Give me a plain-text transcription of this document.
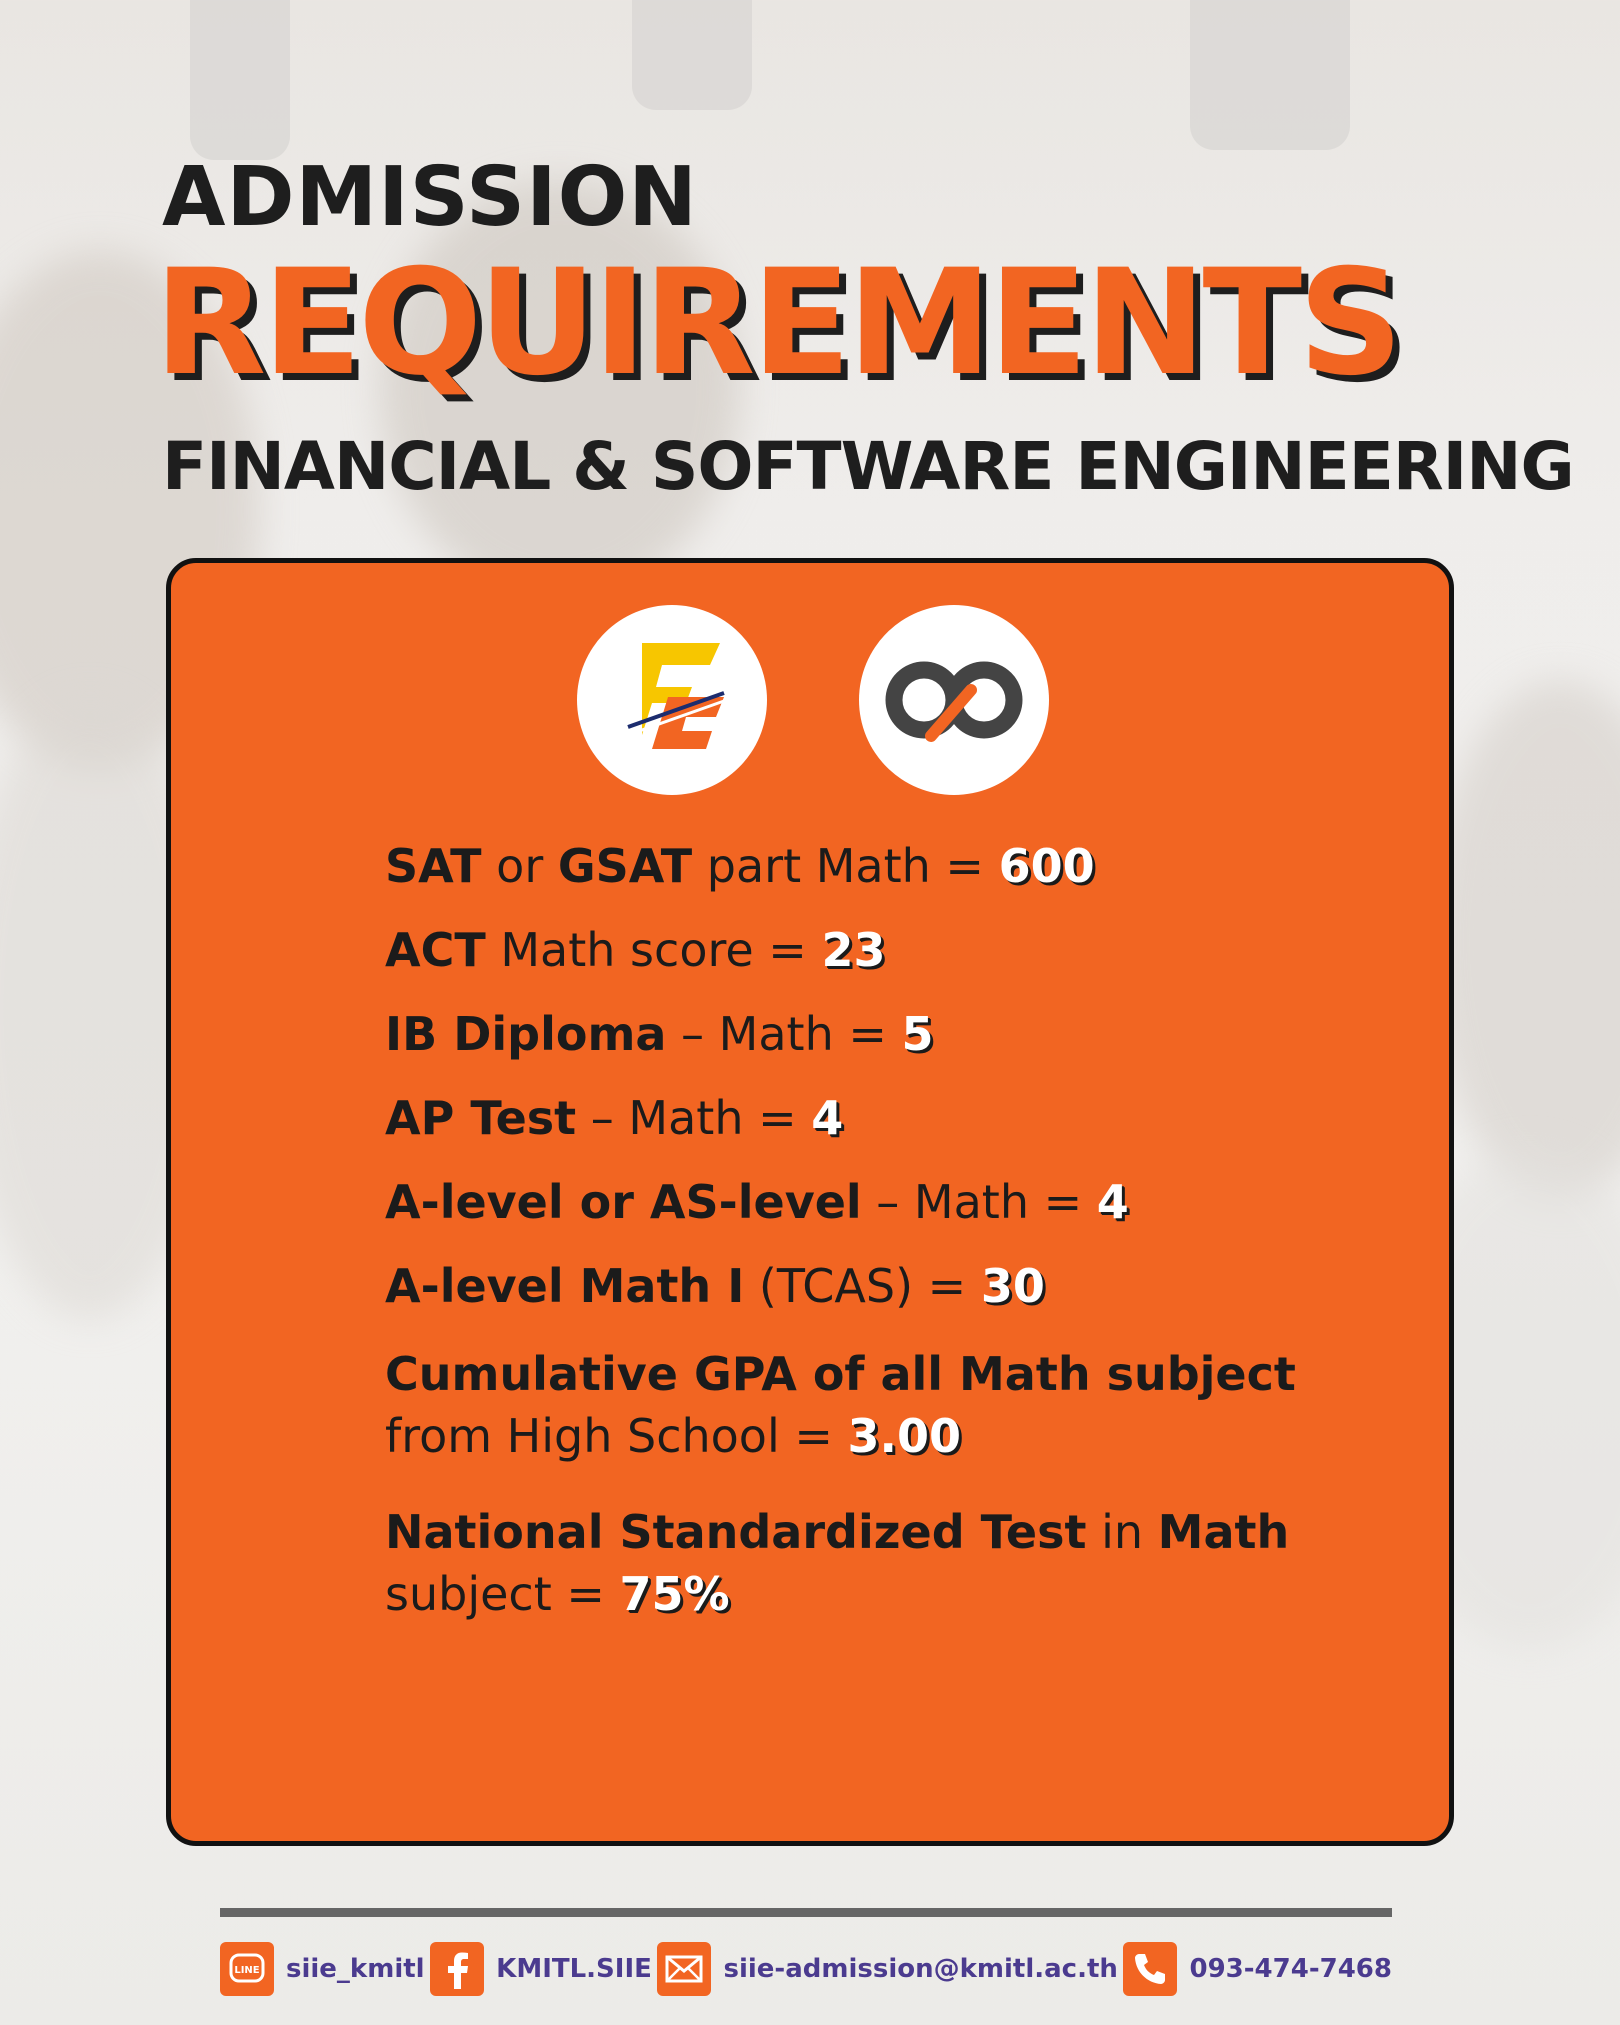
ADMISSION
REQUIREMENTS
FINANCIAL & SOFTWARE ENGINEERING
SAT or GSAT part Math = 600
ACT Math score = 23
IB Diploma – Math = 5
AP Test – Math = 4
A-level or AS-level – Math = 4
A-level Math I (TCAS) = 30
Cumulative GPA of all Math subject
from High School = 3.00
National Standardized Test in Math
subject = 75%
LINE siie_kmitl	KMITL.SIIE	siie-admission@kmitl.ac.th	093-474-7468
